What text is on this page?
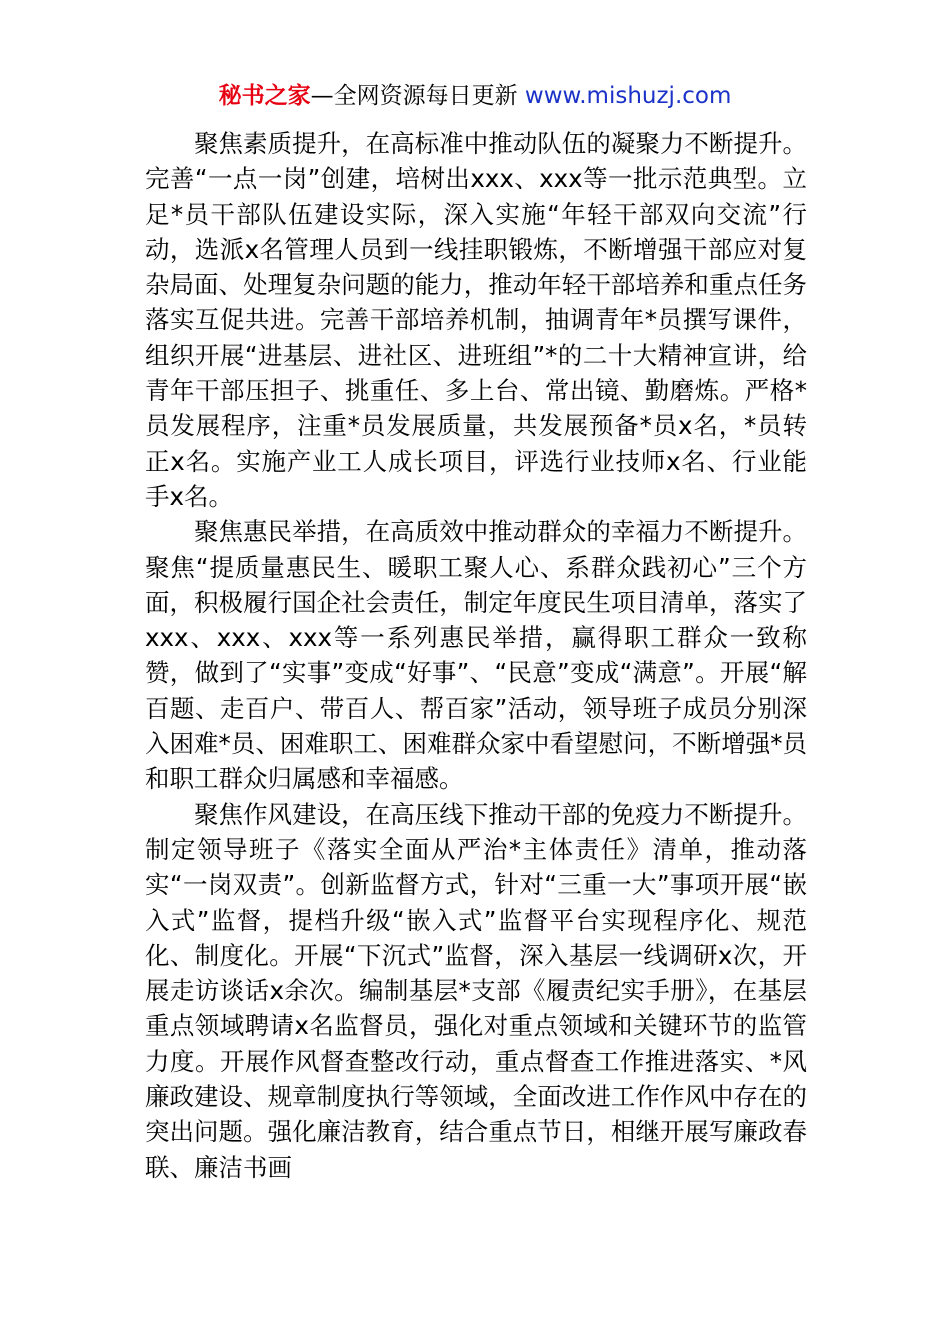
秘书之家—全网资源每日更新 www.mishuzj.com

聚焦素质提升，在高标准中推动队伍的凝聚力不断提升。完善“一点一岗”创建，培树出xxx、xxx等一批示范典型。立足*员干部队伍建设实际，深入实施“年轻干部双向交流”行动，选派x名管理人员到一线挂职锻炼，不断增强干部应对复杂局面、处理复杂问题的能力，推动年轻干部培养和重点任务落实互促共进。完善干部培养机制，抽调青年*员撰写课件，组织开展“进基层、进社区、进班组”*的二十大精神宣讲，给青年干部压担子、挑重任、多上台、常出镜、勤磨炼。严格*员发展程序，注重*员发展质量，共发展预备*员x名，*员转正x名。实施产业工人成长项目，评选行业技师x名、行业能手x名。

聚焦惠民举措，在高质效中推动群众的幸福力不断提升。聚焦“提质量惠民生、暖职工聚人心、系群众践初心”三个方面，积极履行国企社会责任，制定年度民生项目清单，落实了xxx、xxx、xxx等一系列惠民举措，赢得职工群众一致称赞，做到了“实事”变成“好事”、“民意”变成“满意”。开展“解百题、走百户、带百人、帮百家”活动，领导班子成员分别深入困难*员、困难职工、困难群众家中看望慰问，不断增强*员和职工群众归属感和幸福感。

聚焦作风建设，在高压线下推动干部的免疫力不断提升。制定领导班子《落实全面从严治*主体责任》清单，推动落实“一岗双责”。创新监督方式，针对“三重一大”事项开展“嵌入式”监督，提档升级“嵌入式”监督平台实现程序化、规范化、制度化。开展“下沉式”监督，深入基层一线调研x次，开展走访谈话x余次。编制基层*支部《履责纪实手册》，在基层重点领域聘请x名监督员，强化对重点领域和关键环节的监管力度。开展作风督查整改行动，重点督查工作推进落实、*风廉政建设、规章制度执行等领域，全面改进工作作风中存在的突出问题。强化廉洁教育，结合重点节日，相继开展写廉政春联、廉洁书画
